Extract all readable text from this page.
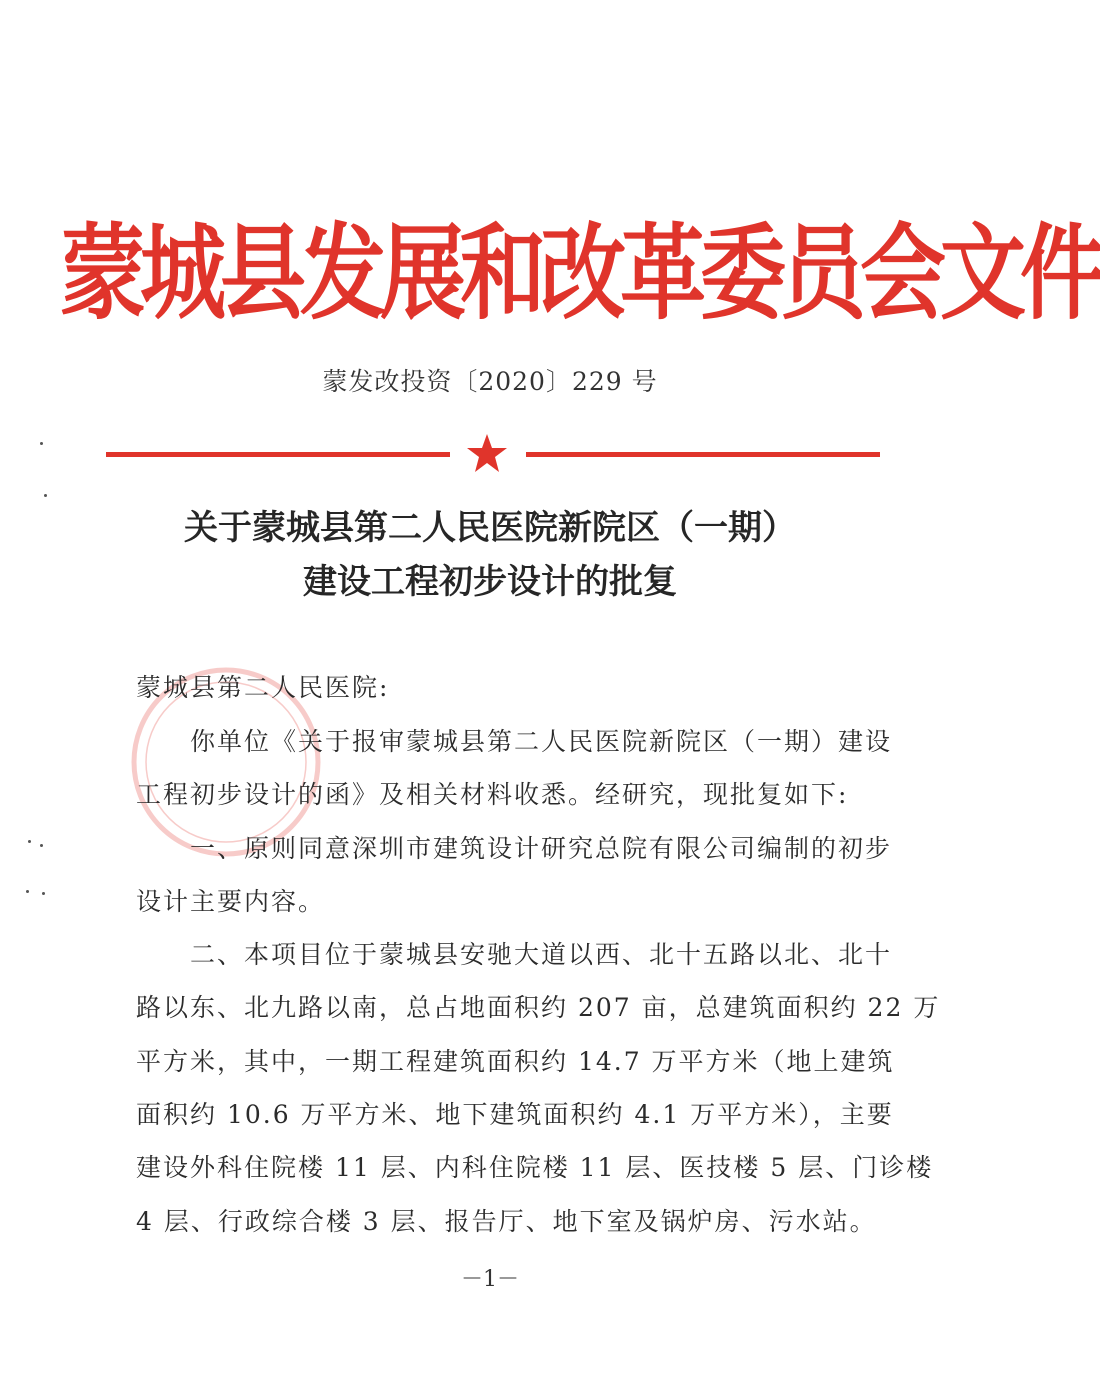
蒙城县发展和改革委员会文件
蒙发改投资〔2020〕229 号
关于蒙城县第二人民医院新院区（一期）
建设工程初步设计的批复
蒙城县第二人民医院:
　　你单位《关于报审蒙城县第二人民医院新院区（一期）建设
工程初步设计的函》及相关材料收悉。经研究，现批复如下:
　　一、原则同意深圳市建筑设计研究总院有限公司编制的初步
设计主要内容。
　　二、本项目位于蒙城县安驰大道以西、北十五路以北、北十
路以东、北九路以南，总占地面积约 207 亩，总建筑面积约 22 万
平方米，其中，一期工程建筑面积约 14.7 万平方米（地上建筑
面积约 10.6 万平方米、地下建筑面积约 4.1 万平方米），主要
建设外科住院楼 11 层、内科住院楼 11 层、医技楼 5 层、门诊楼
4 层、行政综合楼 3 层、报告厅、地下室及锅炉房、污水站。
－1－
